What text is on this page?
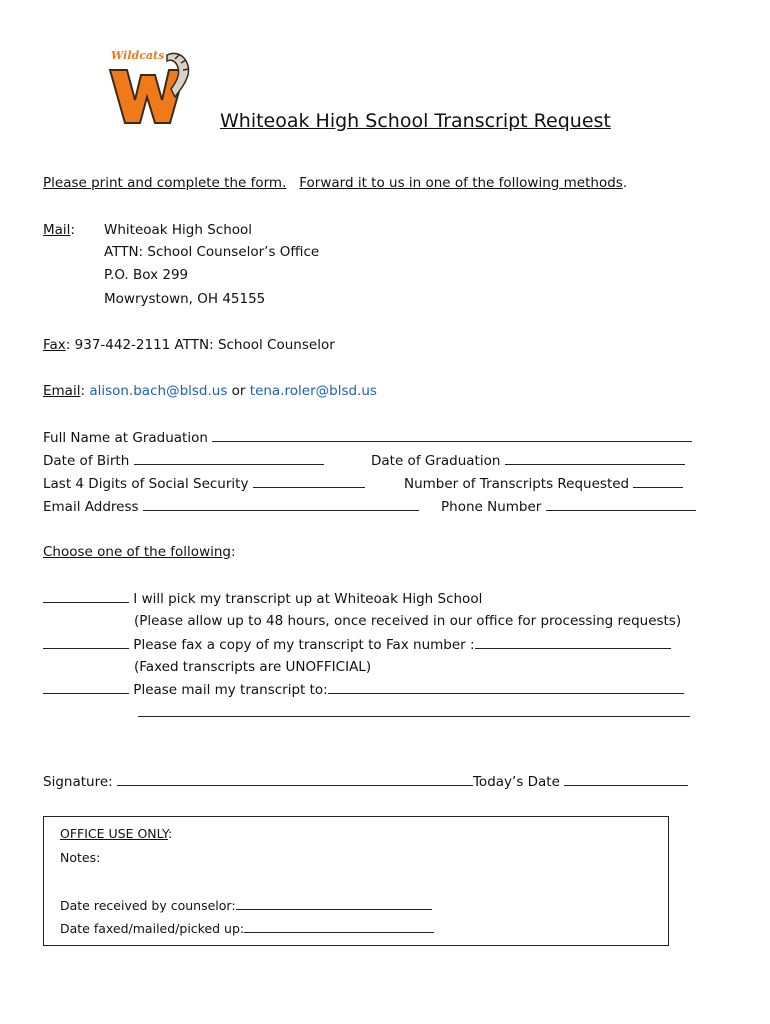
Wildcats
Whiteoak High School Transcript Request
Please print and complete the form. Forward it to us in one of the following methods.
Mail: Whiteoak High School
ATTN: School Counselor’s Office
P.O. Box 299
Mowrystown, OH 45155
Fax: 937-442-2111 ATTN: School Counselor
Email: alison.bach@blsd.us or tena.roler@blsd.us
Full Name at Graduation
Date of Birth	Date of Graduation
Last 4 Digits of Social Security	Number of Transcripts Requested
Email Address	Phone Number
Choose one of the following:
I will pick my transcript up at Whiteoak High School
(Please allow up to 48 hours, once received in our office for processing requests)
Please fax a copy of my transcript to Fax number :
(Faxed transcripts are UNOFFICIAL)
Please mail my transcript to:
Signature:	Today’s Date
OFFICE USE ONLY:
Notes:
Date received by counselor:
Date faxed/mailed/picked up:
